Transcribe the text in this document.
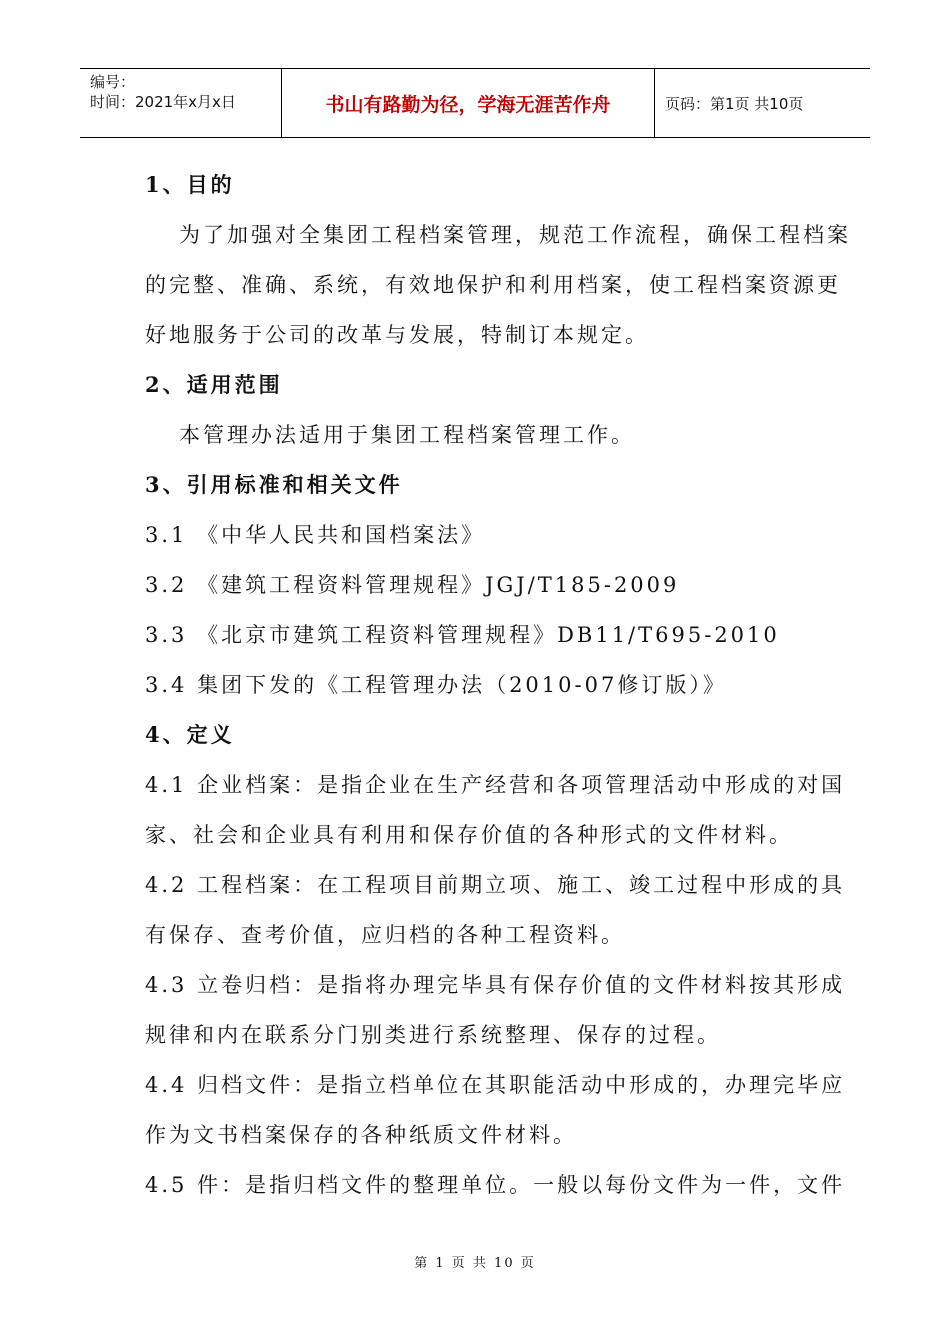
编号：
时间：2021年x月x日	书山有路勤为径，学海无涯苦作舟	页码：第1页 共10页
1、目的
为了加强对全集团工程档案管理，规范工作流程，确保工程档案
的完整、准确、系统，有效地保护和利用档案，使工程档案资源更
好地服务于公司的改革与发展，特制订本规定。
2、适用范围
本管理办法适用于集团工程档案管理工作。
3、引用标准和相关文件
3.1 《中华人民共和国档案法》
3.2 《建筑工程资料管理规程》JGJ/T185-2009
3.3 《北京市建筑工程资料管理规程》DB11/T695-2010
3.4 集团下发的《工程管理办法（2010-07修订版）》
4、定义
4.1 企业档案：是指企业在生产经营和各项管理活动中形成的对国
家、社会和企业具有利用和保存价值的各种形式的文件材料。
4.2 工程档案：在工程项目前期立项、施工、竣工过程中形成的具
有保存、查考价值，应归档的各种工程资料。
4.3 立卷归档：是指将办理完毕具有保存价值的文件材料按其形成
规律和内在联系分门别类进行系统整理、保存的过程。
4.4 归档文件：是指立档单位在其职能活动中形成的，办理完毕应
作为文书档案保存的各种纸质文件材料。
4.5 件：是指归档文件的整理单位。一般以每份文件为一件，文件
第 1 页 共 10 页
